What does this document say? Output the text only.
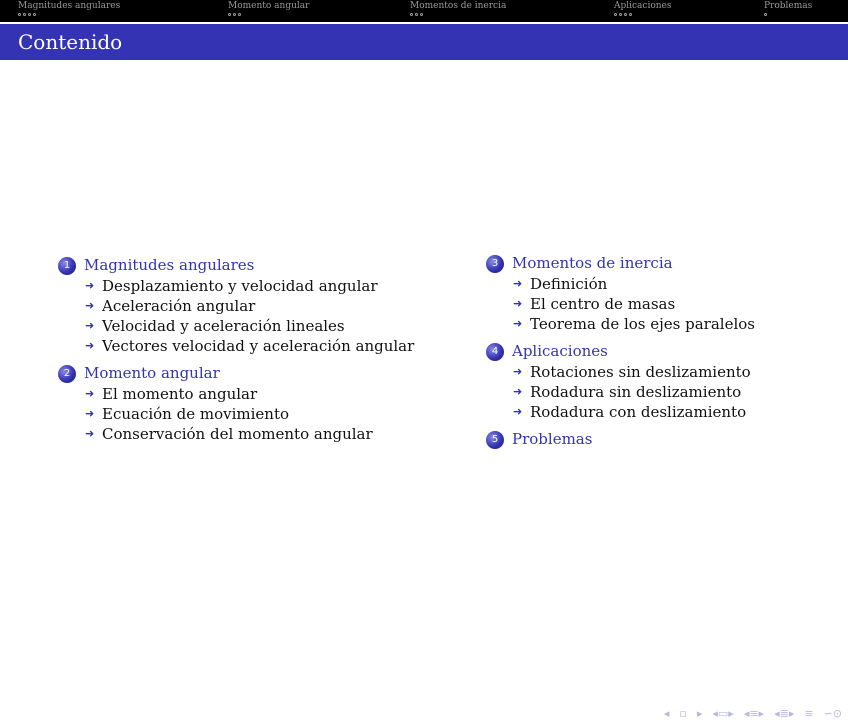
Magnitudes angulares	Momento angular	Momentos de inercia	Aplicaciones	Problemas
Contenido
1 Magnitudes angulares
➜ Desplazamiento y velocidad angular
➜ Aceleración angular
➜ Velocidad y aceleración lineales
➜ Vectores velocidad y aceleración angular
2 Momento angular
➜ El momento angular
➜ Ecuación de movimiento
➜ Conservación del momento angular
3 Momentos de inercia
➜ Definición
➜ El centro de masas
➜ Teorema de los ejes paralelos
4 Aplicaciones
➜ Rotaciones sin deslizamiento
➜ Rodadura sin deslizamiento
➜ Rodadura con deslizamiento
5 Problemas
◂ ▫ ▸ ◂▭▸ ◂≡▸ ◂≣▸ ≡ ∽⊙
